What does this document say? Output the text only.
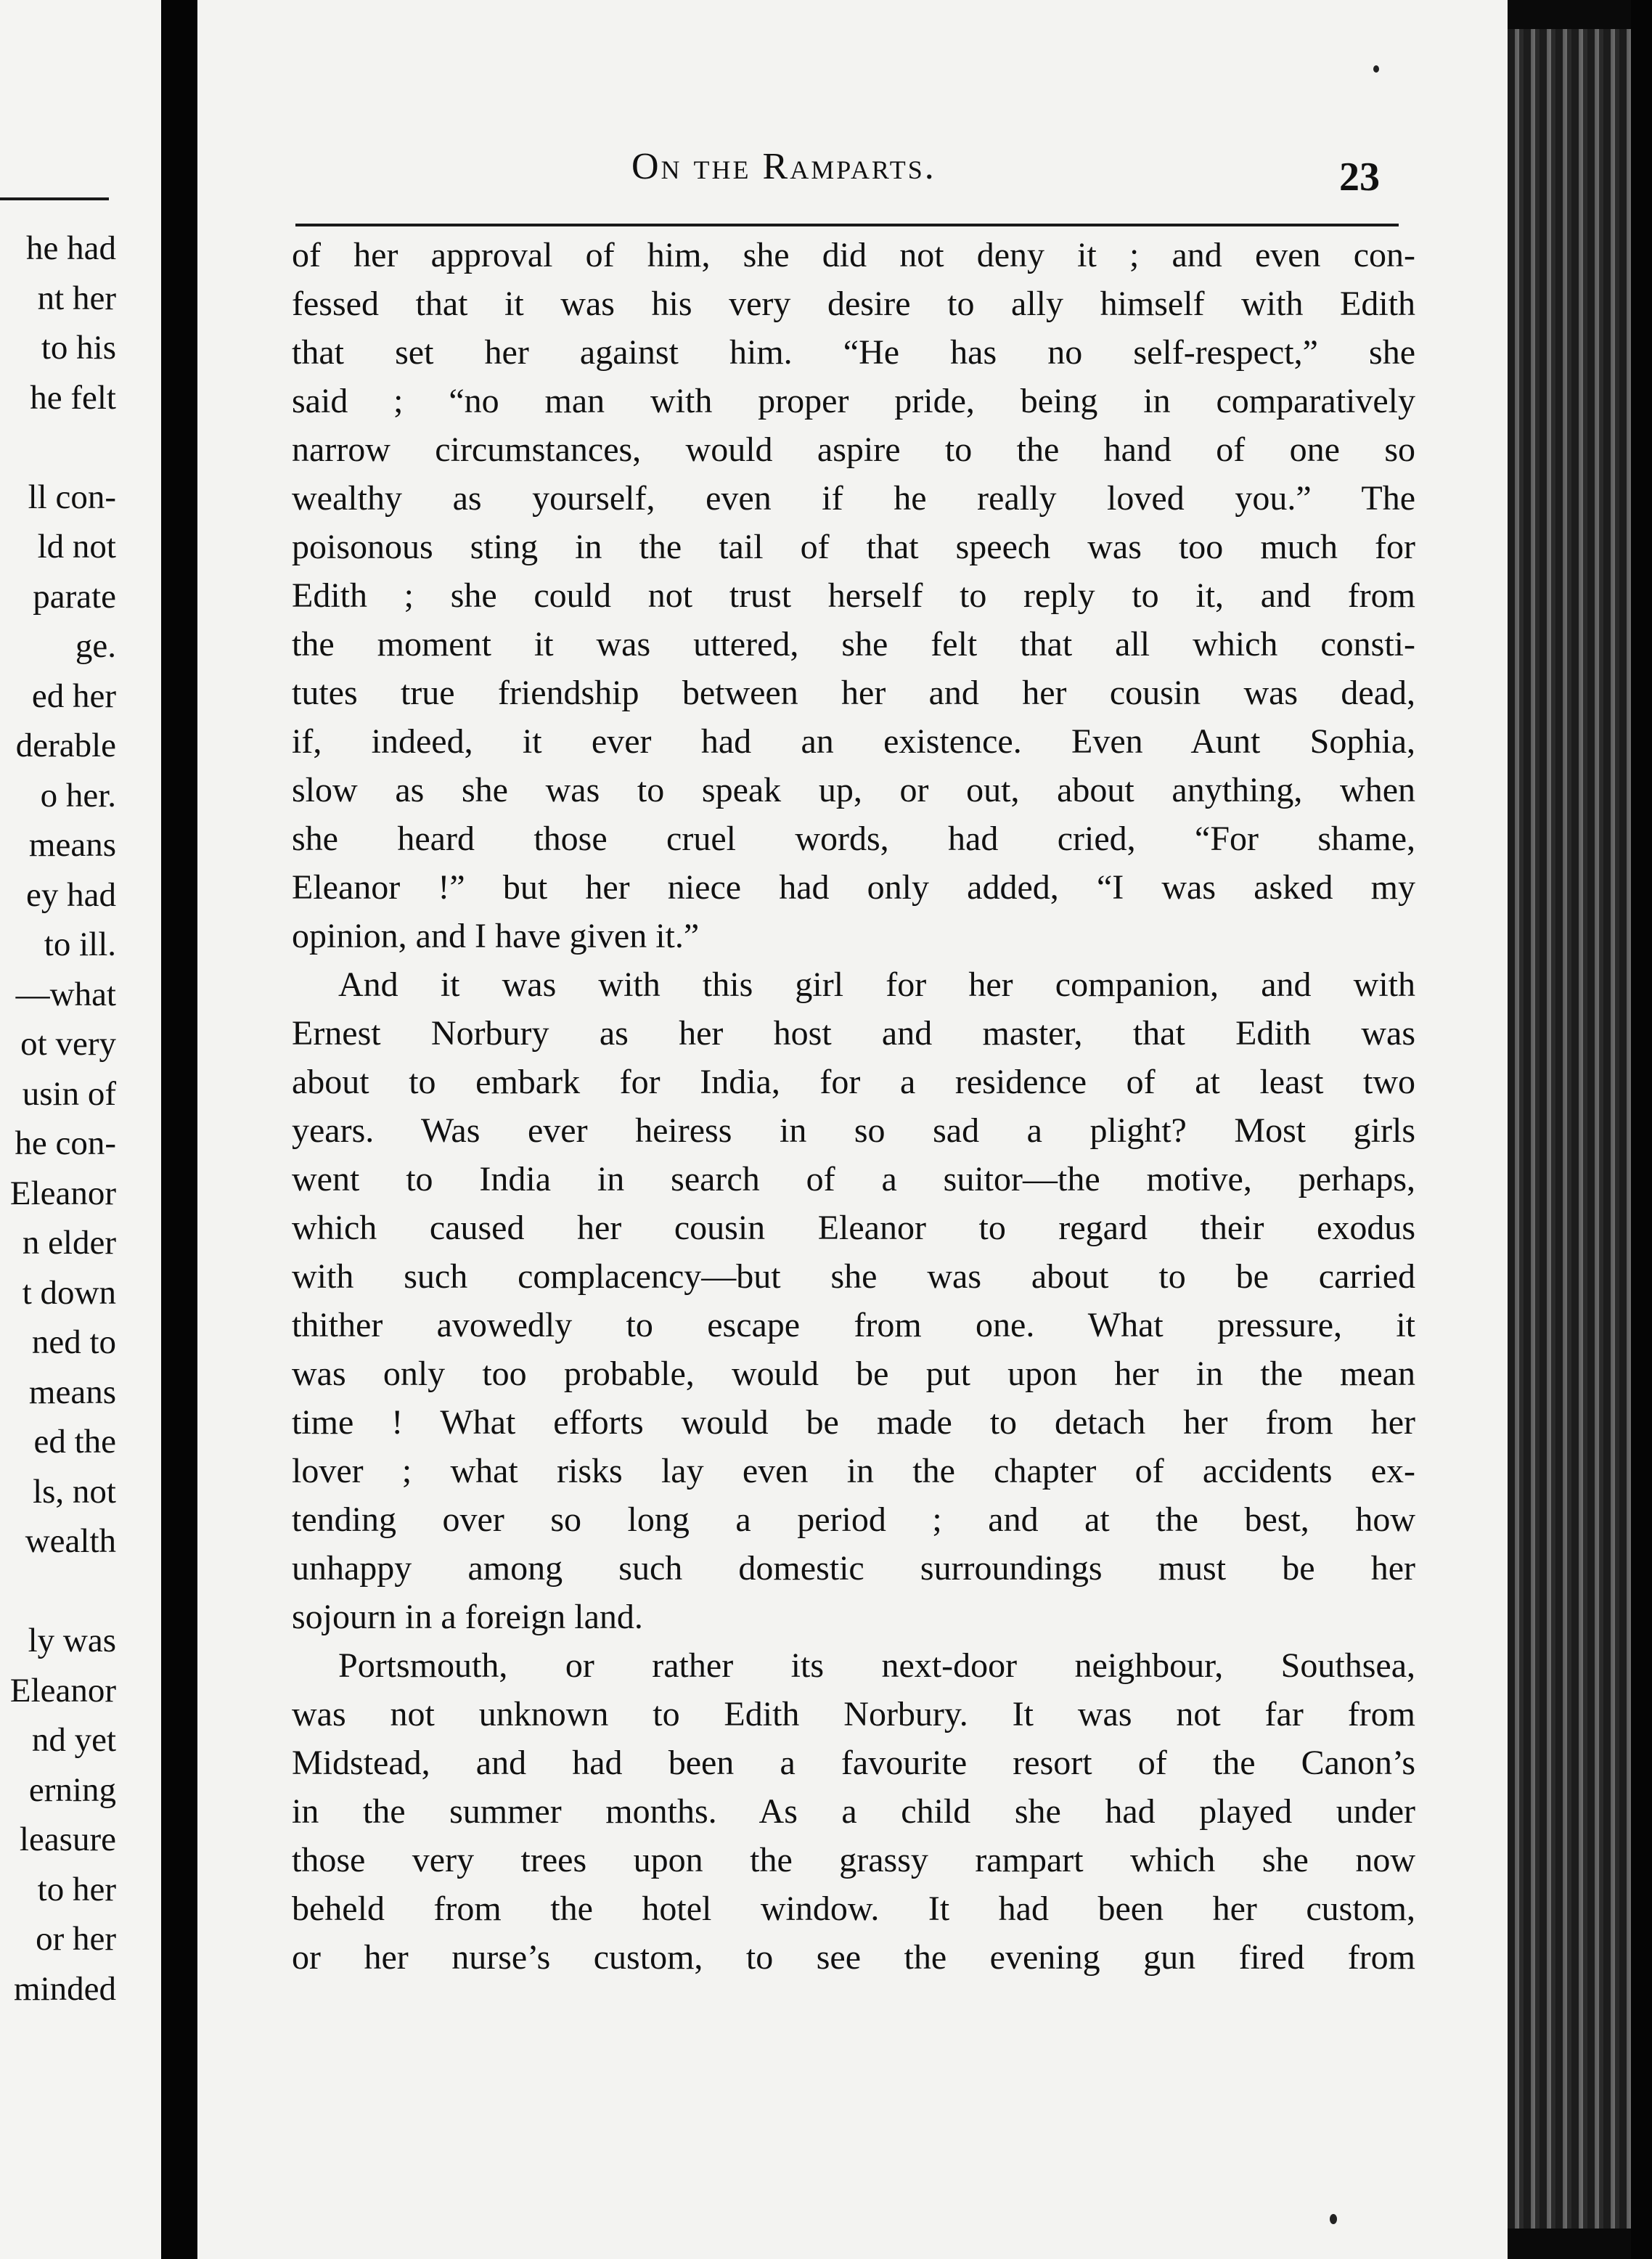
he had
nt her
to his
he felt

ll con-
ld not
parate
ge.
ed her
derable
o her.
means
ey had
to ill.
—what
ot very
usin of
he con-
Eleanor
n elder
t down
ned to
means
ed the
ls, not
wealth

ly was
Eleanor
nd yet
erning
leasure
to her
or her
minded
On the Ramparts.	23
of her approval of him, she did not deny it ; and even con-
fessed that it was his very desire to ally himself with Edith
that set her against him. “He has no self-respect,” she
said ; “no man with proper pride, being in comparatively
narrow circumstances, would aspire to the hand of one so
wealthy as yourself, even if he really loved you.” The
poisonous sting in the tail of that speech was too much for
Edith ; she could not trust herself to reply to it, and from
the moment it was uttered, she felt that all which consti-
tutes true friendship between her and her cousin was dead,
if, indeed, it ever had an existence. Even Aunt Sophia,
slow as she was to speak up, or out, about anything, when
she heard those cruel words, had cried, “For shame,
Eleanor !” but her niece had only added, “I was asked my
opinion, and I have given it.”
And it was with this girl for her companion, and with
Ernest Norbury as her host and master, that Edith was
about to embark for India, for a residence of at least two
years. Was ever heiress in so sad a plight? Most girls
went to India in search of a suitor—the motive, perhaps,
which caused her cousin Eleanor to regard their exodus
with such complacency—but she was about to be carried
thither avowedly to escape from one. What pressure, it
was only too probable, would be put upon her in the mean
time ! What efforts would be made to detach her from her
lover ; what risks lay even in the chapter of accidents ex-
tending over so long a period ; and at the best, how
unhappy among such domestic surroundings must be her
sojourn in a foreign land.
Portsmouth, or rather its next-door neighbour, Southsea,
was not unknown to Edith Norbury. It was not far from
Midstead, and had been a favourite resort of the Canon’s
in the summer months. As a child she had played under
those very trees upon the grassy rampart which she now
beheld from the hotel window. It had been her custom,
or her nurse’s custom, to see the evening gun fired from
